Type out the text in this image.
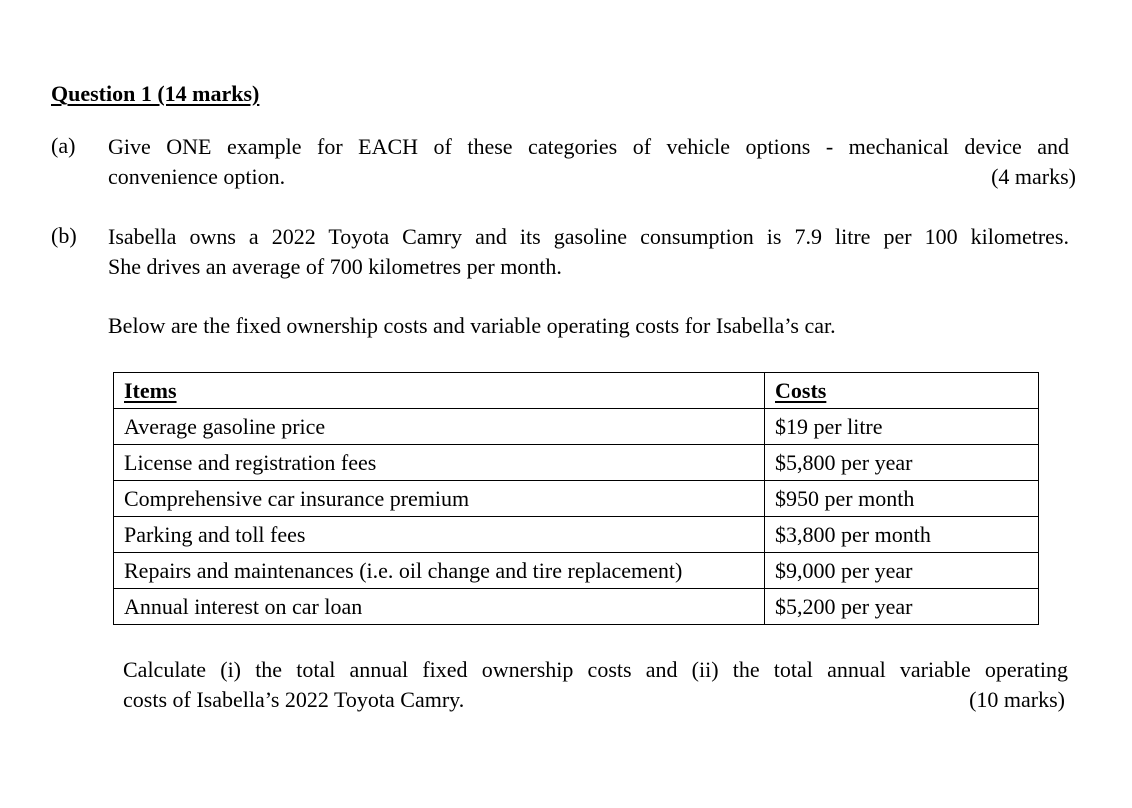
Question 1 (14 marks)
(a) Give ONE example for EACH of these categories of vehicle options - mechanical device and
convenience option.	(4 marks)
(b) Isabella owns a 2022 Toyota Camry and its gasoline consumption is 7.9 litre per 100 kilometres.
She drives an average of 700 kilometres per month.
Below are the fixed ownership costs and variable operating costs for Isabella’s car.
Items	Costs
Average gasoline price	$19 per litre
License and registration fees	$5,800 per year
Comprehensive car insurance premium	$950 per month
Parking and toll fees	$3,800 per month
Repairs and maintenances (i.e. oil change and tire replacement)	$9,000 per year
Annual interest on car loan	$5,200 per year
Calculate (i) the total annual fixed ownership costs and (ii) the total annual variable operating
costs of Isabella’s 2022 Toyota Camry.	(10 marks)
